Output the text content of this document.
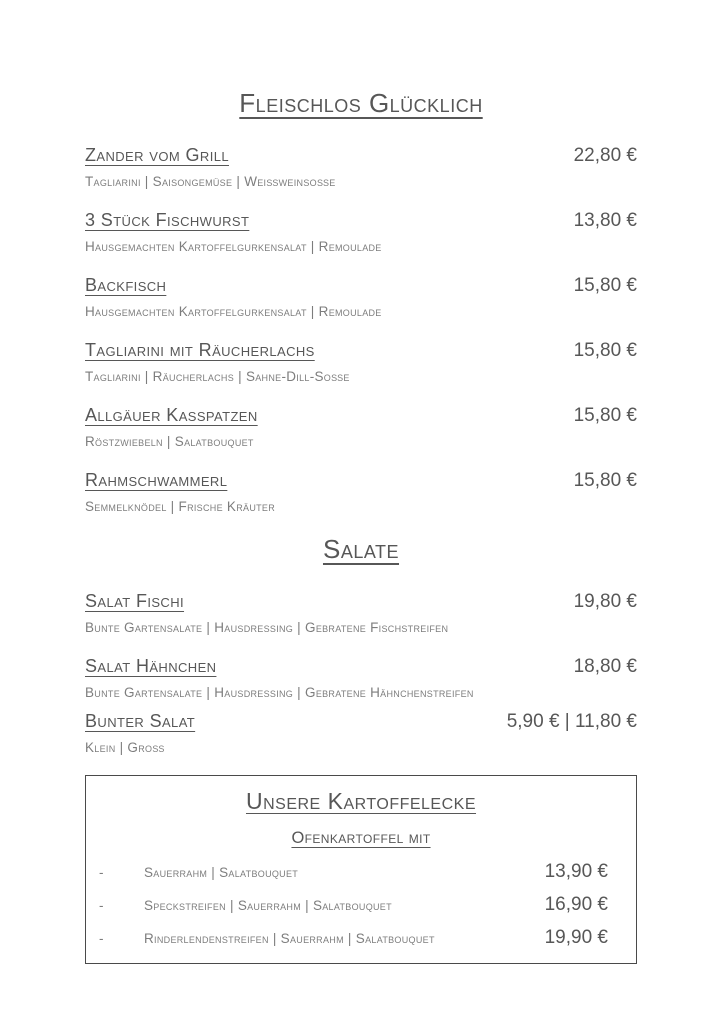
Fleischlos Glücklich
Zander vom Grill	22,80 €
Tagliarini | Saisongemüse | Weißweinsoße
3 Stück Fischwurst	13,80 €
Hausgemachten Kartoffelgurkensalat | Remoulade
Backfisch	15,80 €
Hausgemachten Kartoffelgurkensalat | Remoulade
Tagliarini mit Räucherlachs	15,80 €
Tagliarini | Räucherlachs | Sahne-Dill-Soße
Allgäuer Kasspatzen	15,80 €
Röstzwiebeln | Salatbouquet
Rahmschwammerl	15,80 €
Semmelknödel | Frische Kräuter
Salate
Salat Fischi	19,80 €
Bunte Gartensalate | Hausdressing | Gebratene Fischstreifen
Salat Hähnchen	18,80 €
Bunte Gartensalate | Hausdressing | Gebratene Hähnchenstreifen
Bunter Salat	5,90 € | 11,80 €
Klein | Groß
Unsere Kartoffelecke
Ofenkartoffel mit
-	Sauerrahm | Salatbouquet	13,90 €
-	Speckstreifen | Sauerrahm | Salatbouquet	16,90 €
-	Rinderlendenstreifen | Sauerrahm | Salatbouquet	19,90 €
